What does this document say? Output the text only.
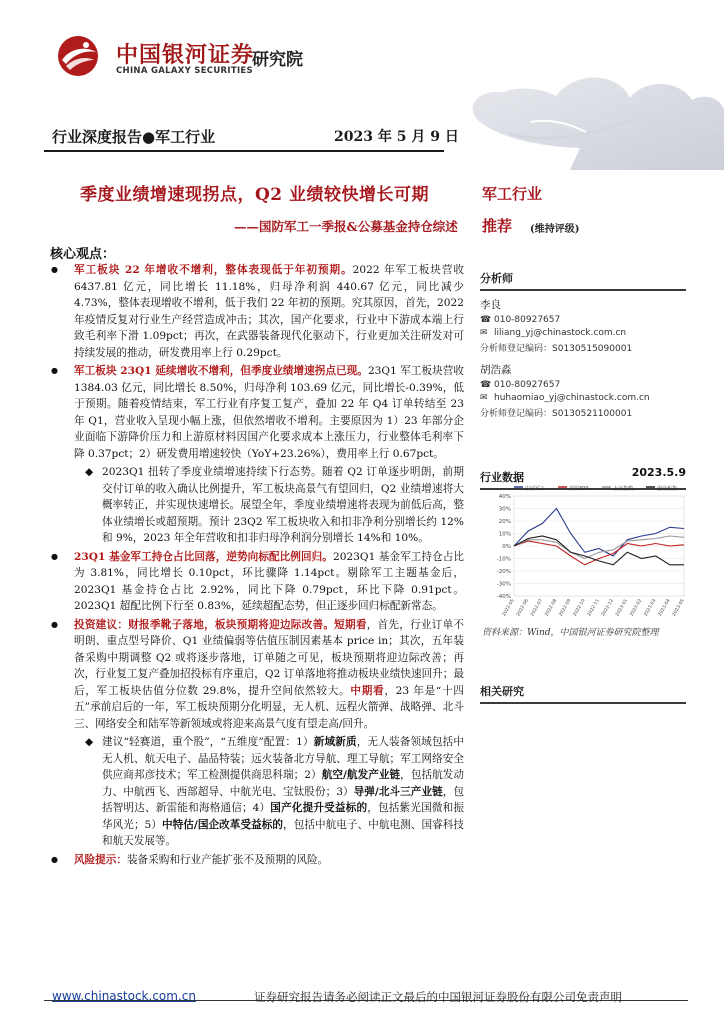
中国银河证券
CHINA GALAXY SECURITIES
研究院
行业深度报告●军工行业	2023 年 5 月 9 日
季度业绩增速现拐点，Q2 业绩较快增长可期
——国防军工一季报&公募基金持仓综述
军工行业
推荐 (维持评级)
核心观点：
● 军工板块 22 年增收不增利，整体表现低于年初预期。2022 年军工板块营收 6437.81 亿元，同比增长 11.18%，归母净利润 440.67 亿元，同比减少 4.73%，整体表现增收不增利，低于我们 22 年初的预期。究其原因，首先，2022 年疫情反复对行业生产经营造成冲击；其次，国产化要求，行业中下游成本端上行致毛利率下滑 1.09pct；再次，在武器装备现代化驱动下，行业更加关注研发对可持续发展的推动，研发费用率上行 0.29pct。
● 军工板块 23Q1 延续增收不增利，但季度业绩增速拐点已现。23Q1 军工板块营收 1384.03 亿元，同比增长 8.50%，归母净利 103.69 亿元，同比增长-0.39%，低于预期。随着疫情结束，军工行业有序复工复产，叠加 22 年 Q4 订单转结至 23 年 Q1，营业收入呈现小幅上涨，但依然增收不增利。主要原因为 1）23 年部分企业面临下游降价压力和上游原材料因国产化要求成本上涨压力，行业整体毛利率下降 0.37pct；2）研发费用增速较快（YoY+23.26%），费用率上行 0.67pct。
◆ 2023Q1 扭转了季度业绩增速持续下行态势。随着 Q2 订单逐步明朗，前期交付订单的收入确认比例提升，军工板块高景气有望回归，Q2 业绩增速将大概率转正，并实现快速增长。展望全年，季度业绩增速将表现为前低后高，整体业绩增长或超预期。预计 23Q2 军工板块收入和扣非净利分别增长约 12%和 9%，2023 年全年营收和扣非归母净利润分别增长 14%和 10%。
● 23Q1 基金军工持仓占比回落，逆势向标配比例回归。2023Q1 基金军工持仓占比为 3.81%，同比增长 0.10pct，环比骤降 1.14pct。剔除军工主题基金后，2023Q1 基金持仓占比 2.92%，同比下降 0.79pct，环比下降 0.91pct。2023Q1 超配比例下行至 0.83%，延续超配态势，但正逐步回归标配新常态。
● 投资建议：财报季靴子落地，板块预期将迎边际改善。短期看，首先，行业订单不明朗、重点型号降价、Q1 业绩偏弱等估值压制因素基本 price in；其次，五年装备采购中期调整 Q2 或将逐步落地，订单随之可见，板块预期将迎边际改善；再次，行业复工复产叠加招投标有序重启，Q2 订单落地将推动板块业绩快速回升；最后，军工板块估值分位数 29.8%，提升空间依然较大。中期看，23 年是“十四五”承前启后的一年，军工板块预期分化明显，无人机、远程火箭弹、战略弹、北斗三、网络安全和陆军等新领域或将迎来高景气度有望走高/回升。
◆ 建议“轻赛道，重个股”，“五维度”配置：1）新域新质，无人装备领域包括中无人机、航天电子、晶品特装；远火装备北方导航、理工导航；军工网络安全供应商邦彦技术；军工检测提供商思科瑞；2）航空/航发产业链，包括航发动力、中航西飞、西部超导、中航光电、宝钛股份；3）导弹/北斗三产业链，包括智明达、新雷能和海格通信；4）国产化提升受益标的，包括紫光国微和振华风光；5）中特估/国企改革受益标的，包括中航电子、中航电测、国睿科技和航天发展等。
● 风险提示：装备采购和行业产能扩张不及预期的风险。
分析师
李良
☎ 010-80927657
✉ liliang_yj@chinastock.com.cn
分析师登记编码：S0130515090001
胡浩淼
☎ 010-80927657
✉ huhaomiao_yj@chinastock.com.cn
分析师登记编码：S0130521100001
行业数据	2023.5.9
中证军工	沪深300	上证指数	创业板指
-40%
-30%
-20%
-10%
0%
10%
20%
30%
40%
2022-05 2022-06 2022-07 2022-08 2022-09 2022-10 2022-11 2022-12 2023-01 2023-02 2023-03 2023-04 2023-05
资料来源：Wind，中国银河证券研究院整理
相关研究
www.chinastock.com.cn	证券研究报告请务必阅读正文最后的中国银河证券股份有限公司免责声明
